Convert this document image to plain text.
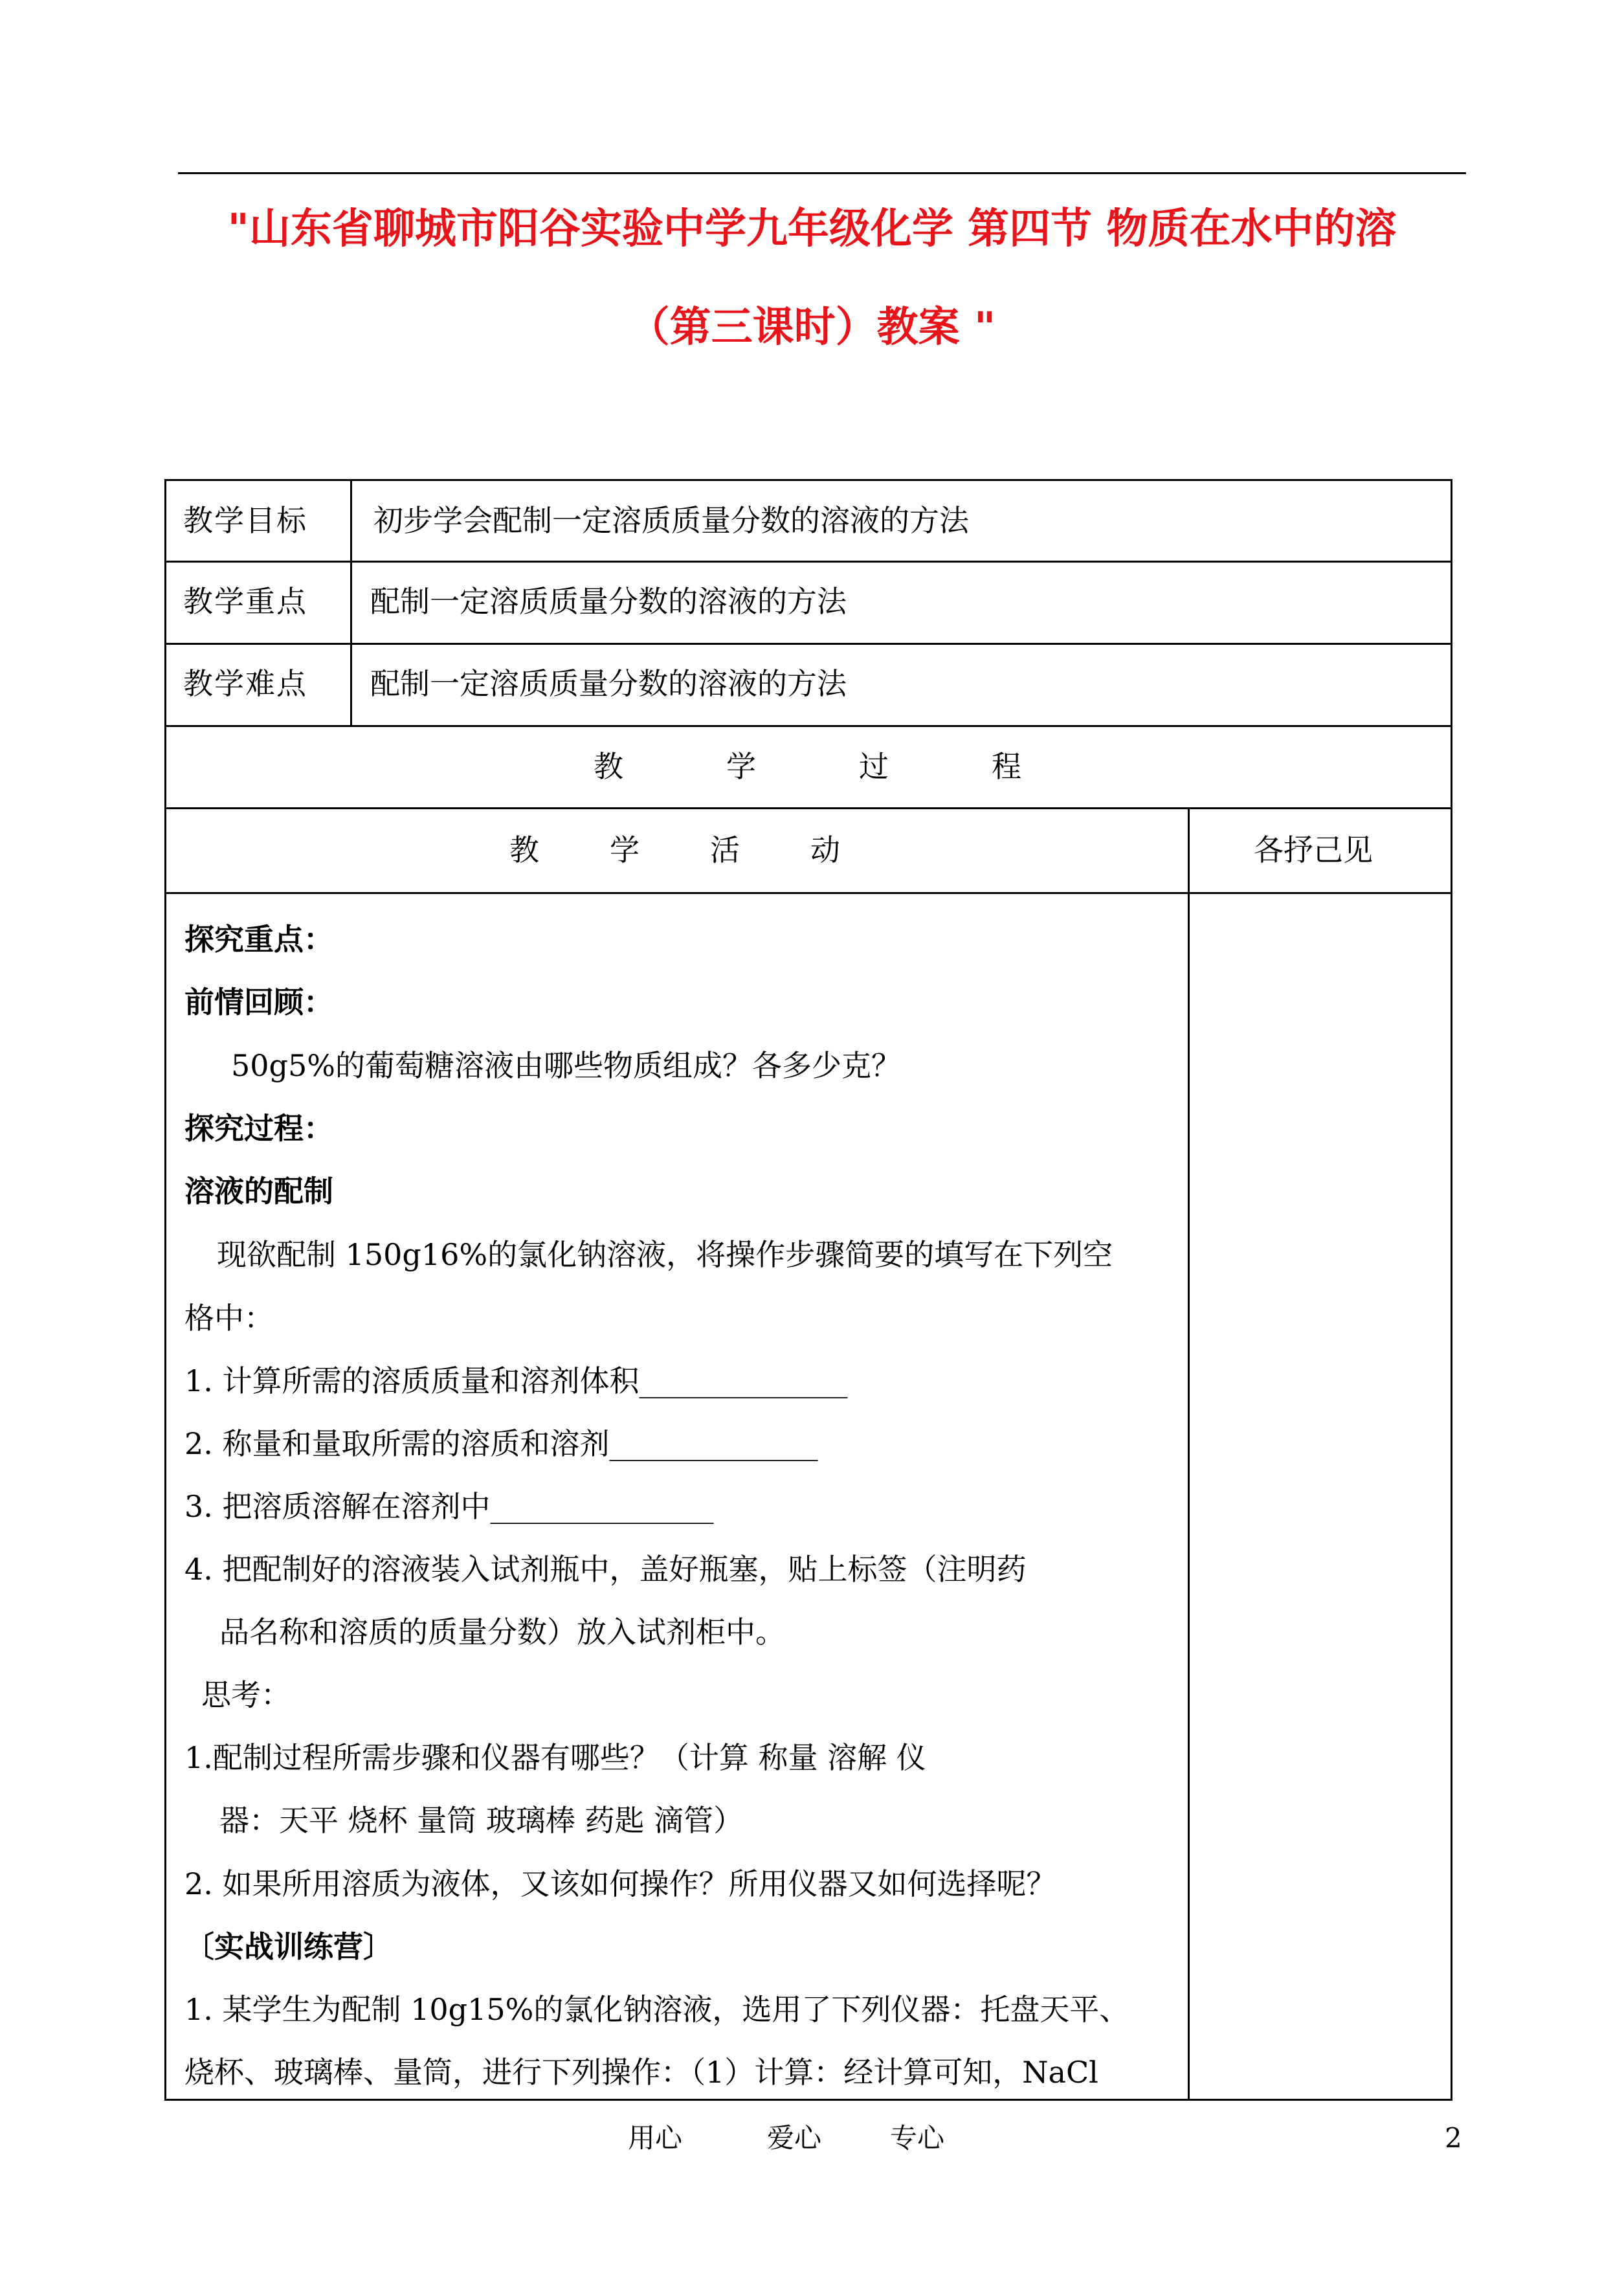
"山东省聊城市阳谷实验中学九年级化学 第四节 物质在水中的溶
（第三课时）教案 "
教学目标 初步学会配制一定溶质质量分数的溶液的方法
教学重点 配制一定溶质质量分数的溶液的方法
教学难点 配制一定溶质质量分数的溶液的方法
教	学	过	程
教 学 活 动	各抒己见
探究重点：
前情回顾：
50g5%的葡萄糖溶液由哪些物质组成？各多少克？
探究过程：
溶液的配制
现欲配制 150g16%的氯化钠溶液，将操作步骤简要的填写在下列空
格中：
1. 计算所需的溶质质量和溶剂体积______________
2. 称量和量取所需的溶质和溶剂______________
3. 把溶质溶解在溶剂中_______________
4. 把配制好的溶液装入试剂瓶中，盖好瓶塞，贴上标签（注明药
品名称和溶质的质量分数）放入试剂柜中。
思考：
1.配制过程所需步骤和仪器有哪些？（计算 称量 溶解 仪
器：天平 烧杯 量筒 玻璃棒 药匙 滴管）
2. 如果所用溶质为液体，又该如何操作？所用仪器又如何选择呢？
〔实战训练营〕
1. 某学生为配制 10g15%的氯化钠溶液，选用了下列仪器：托盘天平、
烧杯、玻璃棒、量筒，进行下列操作：（1）计算：经计算可知，NaCl
用心	爱心	专心	2
